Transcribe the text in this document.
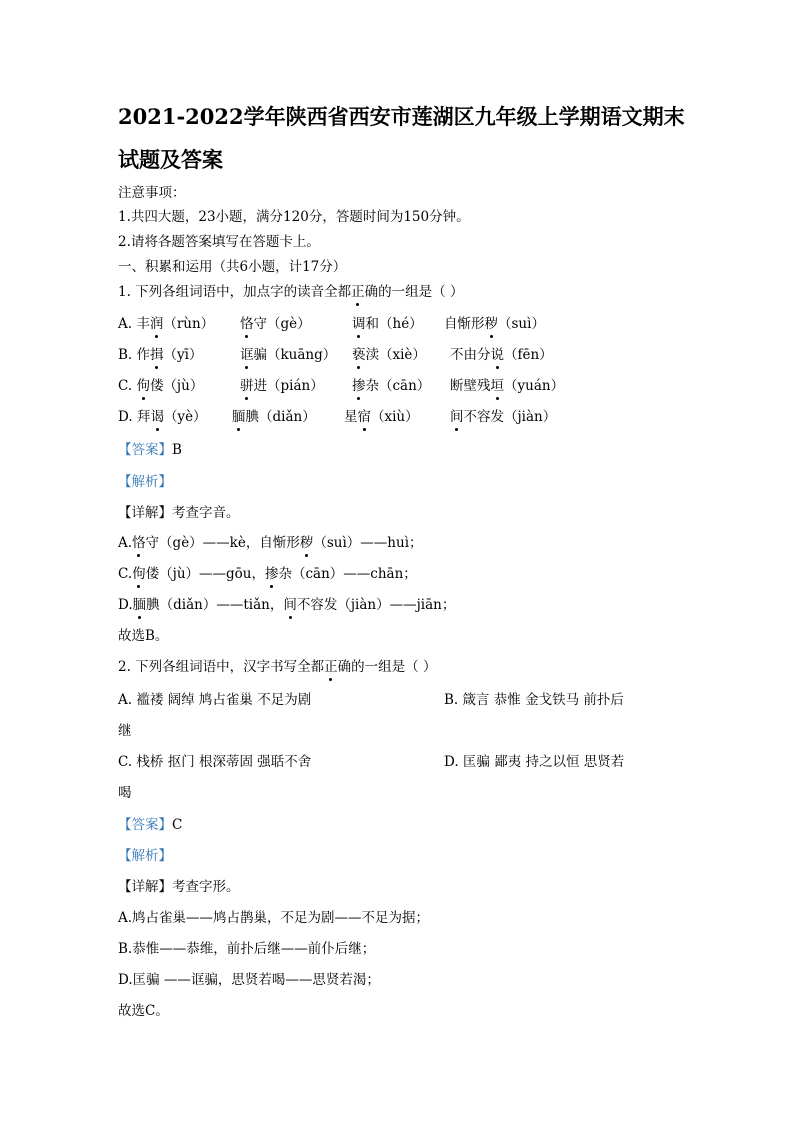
2021-2022学年陕西省西安市莲湖区九年级上学期语文期末
试题及答案
注意事项：
1.共四大题，23小题，满分120分，答题时间为150分钟。
2.请将各题答案填写在答题卡上。
一、积累和运用（共6小题，计17分）
1. 下列各组词语中，加点字的读音全都正确的一组是（ ）
A. 丰润（rùn） 恪守（gè）	调和（hé） 自惭形秽（suì）
B. 作揖（yī）	诓骗（kuāng） 亵渎（xiè） 不由分说（fēn）
C. 佝偻（jù）	骈进（pián） 掺杂（cān） 断壁残垣（yuán）
D. 拜谒（yè） 腼腆（diǎn） 星宿（xiù） 间不容发（jiàn）
【答案】B
【解析】
【详解】考查字音。
A.恪守（gè）——kè，自惭形秽（suì）——huì；
C.佝偻（jù）——gōu，掺杂（cān）——chān；
D.腼腆（diǎn）——tiǎn，间不容发（jiàn）——jiān；
故选B。
2. 下列各组词语中，汉字书写全都正确的一组是（ ）
A. 褴褛 阔绰 鸠占雀巢 不足为剧	B. 箴言 恭惟 金戈铁马 前扑后
继
C. 栈桥 抠门 根深蒂固 强聒不舍	D. 匡骗 鄙夷 持之以恒 思贤若
喝
【答案】C
【解析】
【详解】考查字形。
A.鸠占雀巢——鸠占鹊巢，不足为剧——不足为据；
B.恭惟——恭维，前扑后继——前仆后继；
D.匡骗 ——诓骗，思贤若喝——思贤若渴；
故选C。
